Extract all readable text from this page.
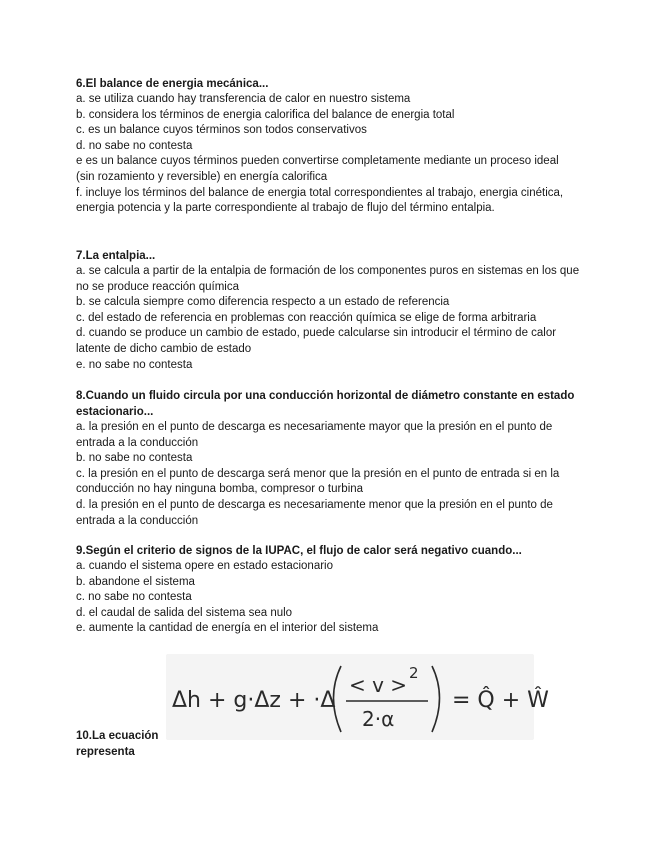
6.El balance de energia mecánica...

a. se utiliza cuando hay transferencia de calor en nuestro sistema

b. considera los términos de energia calorifica del balance de energia total

c. es un balance cuyos términos son todos conservativos

d. no sabe no contesta

e es un balance cuyos términos pueden convertirse completamente mediante un proceso ideal (sin rozamiento y reversible) en energía calorifica

f. incluye los términos del balance de energia total correspondientes al trabajo, energia cinética, energia potencia y la parte correspondiente al trabajo de flujo del término entalpia.

7.La entalpia...

a. se calcula a partir de la entalpia de formación de los componentes puros en sistemas en los que no se produce reacción química

b. se calcula siempre como diferencia respecto a un estado de referencia

c. del estado de referencia en problemas con reacción química se elige de forma arbitraria

d. cuando se produce un cambio de estado, puede calcularse sin introducir el término de calor latente de dicho cambio de estado

e. no sabe no contesta

8.Cuando un fluido circula por una conducción horizontal de diámetro constante en estado estacionario...

a. la presión en el punto de descarga es necesariamente mayor que la presión en el punto de entrada a la conducción

b. no sabe no contesta

c. la presión en el punto de descarga será menor que la presión en el punto de entrada si en la conducción no hay ninguna bomba, compresor o turbina

d. la presión en el punto de descarga es necesariamente menor que la presión en el punto de entrada a la conducción

9.Según el criterio de signos de la IUPAC, el flujo de calor será negativo cuando...

a. cuando el sistema opere en estado estacionario

b. abandone el sistema

c. no sabe no contesta

d. el caudal de salida del sistema sea nulo

e. aumente la cantidad de energía en el interior del sistema

Δh + g·Δz + ·Δ
< v > 2
2·α
= Q̂ + Ŵ
10.La ecuación representa
